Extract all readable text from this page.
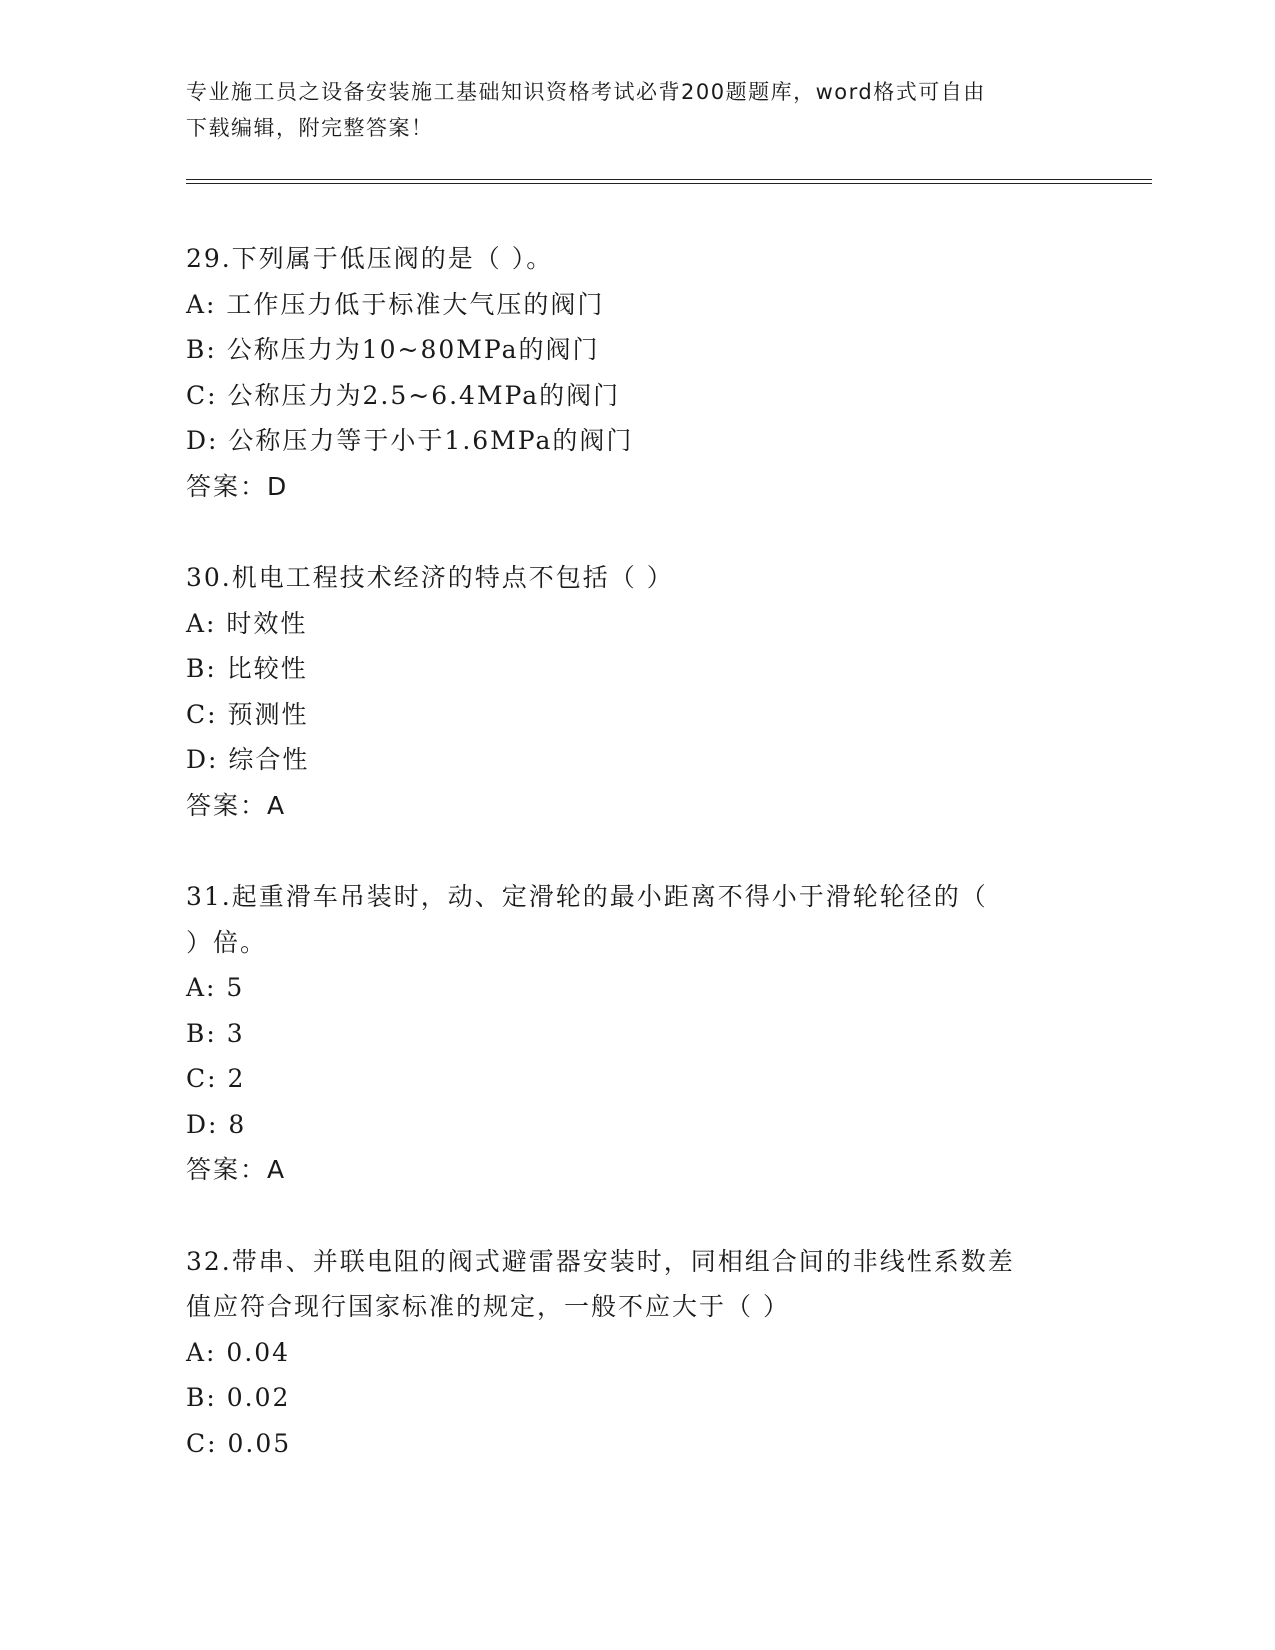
专业施工员之设备安装施工基础知识资格考试必背200题题库，word格式可自由
下载编辑，附完整答案！

29.下列属于低压阀的是（ ）。

A: 工作压力低于标准大气压的阀门

B: 公称压力为10~80MPa的阀门

C: 公称压力为2.5~6.4MPa的阀门

D: 公称压力等于小于1.6MPa的阀门

答案：D

30.机电工程技术经济的特点不包括（ ）

A: 时效性

B: 比较性

C: 预测性

D: 综合性

答案：A

31.起重滑车吊装时，动、定滑轮的最小距离不得小于滑轮轮径的（

）倍。

A: 5

B: 3

C: 2

D: 8

答案：A

32.带串、并联电阻的阀式避雷器安装时，同相组合间的非线性系数差

值应符合现行国家标准的规定，一般不应大于（ ）

A: 0.04

B: 0.02

C: 0.05
